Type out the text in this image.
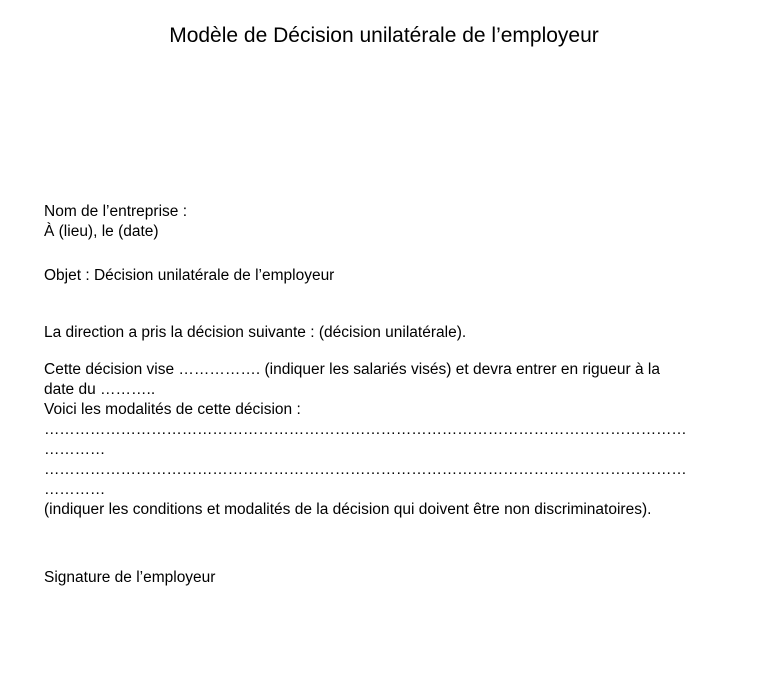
Modèle de Décision unilatérale de l’employeur
Nom de l’entreprise :
À (lieu), le (date)
Objet : Décision unilatérale de l’employeur
La direction a pris la décision suivante : (décision unilatérale).
Cette décision vise ……………. (indiquer les salariés visés) et devra entrer en rigueur à la
date du ………..
Voici les modalités de cette décision :
………………………………………………………………………………………………………………
…………
………………………………………………………………………………………………………………
…………
(indiquer les conditions et modalités de la décision qui doivent être non discriminatoires).
Signature de l’employeur
